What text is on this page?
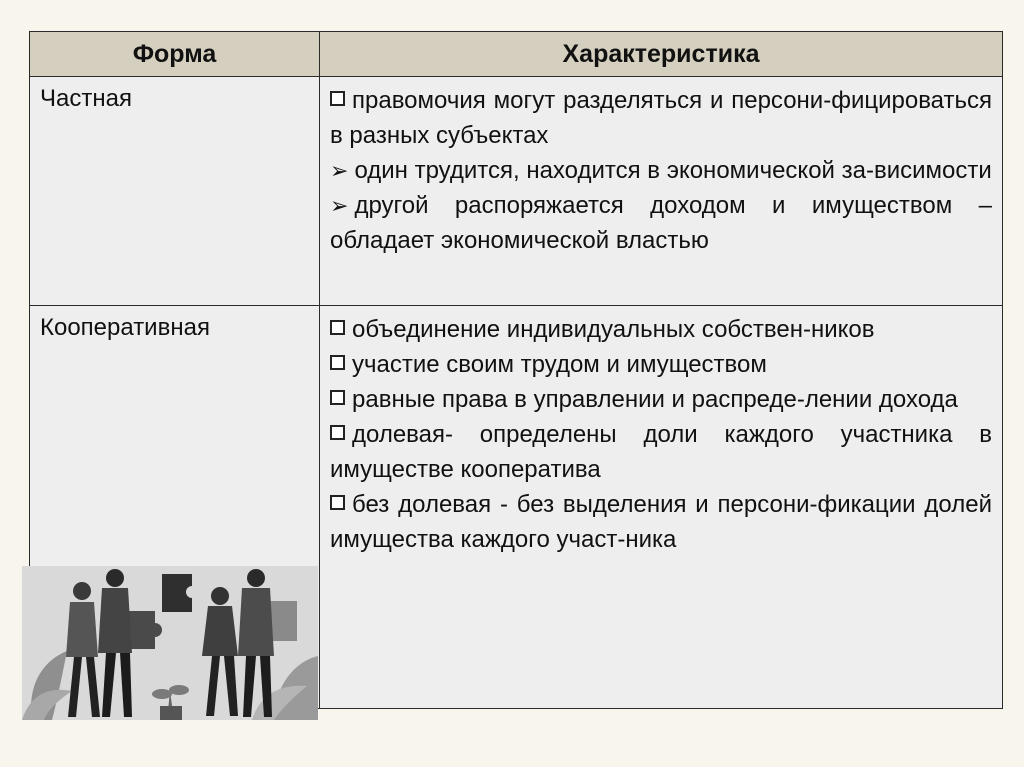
Форма	Характеристика
Частная	правомочия могут разделяться и персони-фицироваться в разных субъектах

➢ один трудится, находится в экономической за-висимости

➢ другой распоряжается доходом и имуществом – обладает экономической властью

Кооперативная	объединение индивидуальных собствен-ников

участие своим трудом и имуществом

равные права в управлении и распреде-лении дохода

долевая- определены доли каждого участника в имуществе кооператива

без долевая - без выделения и персони-фикации долей имущества каждого участ-ника
